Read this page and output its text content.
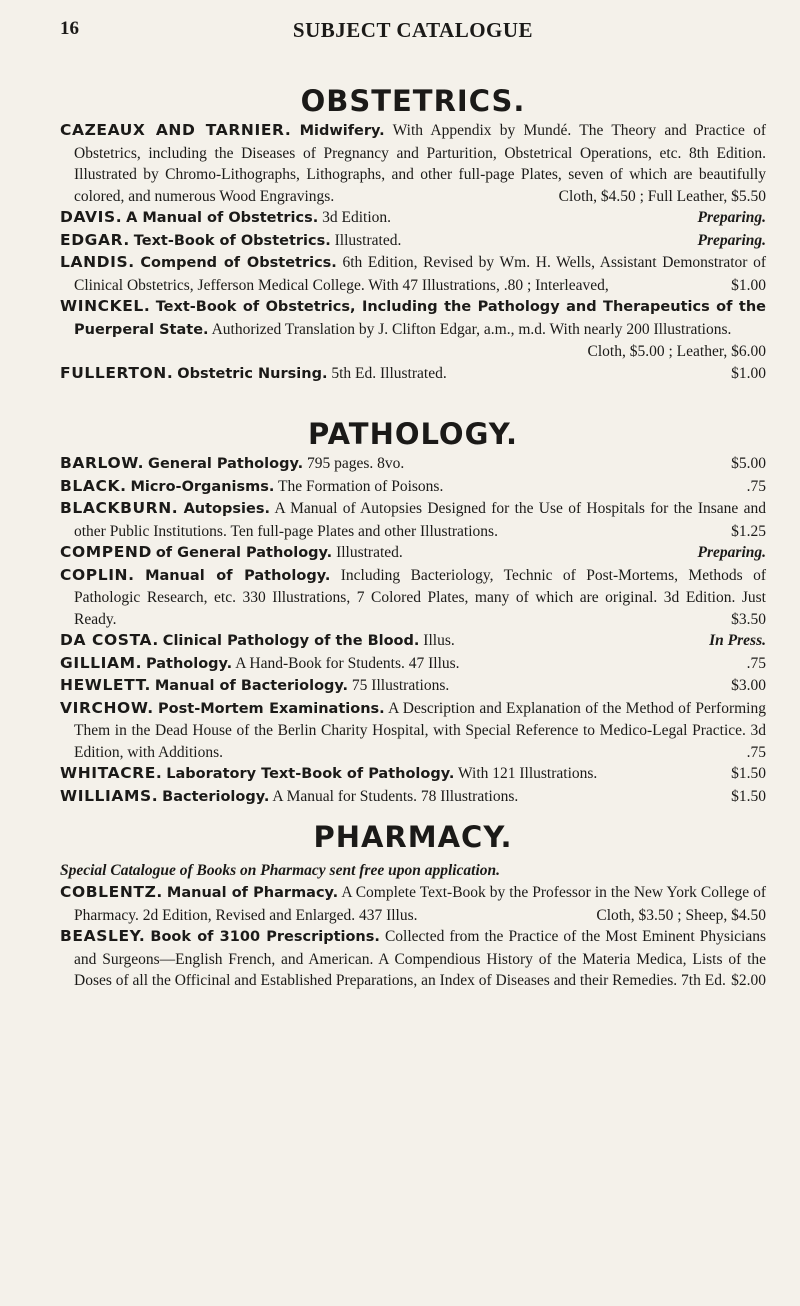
16	SUBJECT CATALOGUE
OBSTETRICS.

CAZEAUX AND TARNIER. Midwifery. With Appendix by Mundé. The Theory and Practice of Obstetrics, including the Diseases of Pregnancy and Parturition, Obstetrical Operations, etc. 8th Edition. Illustrated by Chromo-Lithographs, Lithographs, and other full-page Plates, seven of which are beautifully colored, and numerous Wood Engravings.	Cloth, $4.50 ; Full Leather, $5.50

DAVIS. A Manual of Obstetrics. 3d Edition.	Preparing.

EDGAR. Text-Book of Obstetrics. Illustrated.	Preparing.

LANDIS. Compend of Obstetrics. 6th Edition, Revised by Wm. H. Wells, Assistant Demonstrator of Clinical Obstetrics, Jefferson Medical College. With 47 Illustrations, .80 ; Interleaved,	$1.00

WINCKEL. Text-Book of Obstetrics, Including the Pathology and Therapeutics of the Puerperal State. Authorized Translation by J. Clifton Edgar, a.m., m.d. With nearly 200 Illustrations.
Cloth, $5.00 ; Leather, $6.00

FULLERTON. Obstetric Nursing. 5th Ed. Illustrated.	$1.00

PATHOLOGY.

BARLOW. General Pathology. 795 pages. 8vo.	$5.00

BLACK. Micro-Organisms. The Formation of Poisons.	.75

BLACKBURN. Autopsies. A Manual of Autopsies Designed for the Use of Hospitals for the Insane and other Public Institutions. Ten full-page Plates and other Illustrations.	$1.25

COMPEND of General Pathology. Illustrated.	Preparing.

COPLIN. Manual of Pathology. Including Bacteriology, Technic of Post-Mortems, Methods of Pathologic Research, etc. 330 Illustrations, 7 Colored Plates, many of which are original. 3d Edition. Just Ready.	$3.50

DA COSTA. Clinical Pathology of the Blood. Illus.	In Press.

GILLIAM. Pathology. A Hand-Book for Students. 47 Illus.	.75

HEWLETT. Manual of Bacteriology. 75 Illustrations.	$3.00

VIRCHOW. Post-Mortem Examinations. A Description and Explanation of the Method of Performing Them in the Dead House of the Berlin Charity Hospital, with Special Reference to Medico-Legal Practice. 3d Edition, with Additions.	.75

WHITACRE. Laboratory Text-Book of Pathology. With 121 Illustrations.	$1.50

WILLIAMS. Bacteriology. A Manual for Students. 78 Illustrations.	$1.50

PHARMACY.

Special Catalogue of Books on Pharmacy sent free upon application.

COBLENTZ. Manual of Pharmacy. A Complete Text-Book by the Professor in the New York College of Pharmacy. 2d Edition, Revised and Enlarged. 437 Illus.	Cloth, $3.50 ; Sheep, $4.50

BEASLEY. Book of 3100 Prescriptions. Collected from the Practice of the Most Eminent Physicians and Surgeons—English French, and American. A Compendious History of the Materia Medica, Lists of the Doses of all the Officinal and Established Preparations, an Index of Diseases and their Remedies. 7th Ed. $2.00
